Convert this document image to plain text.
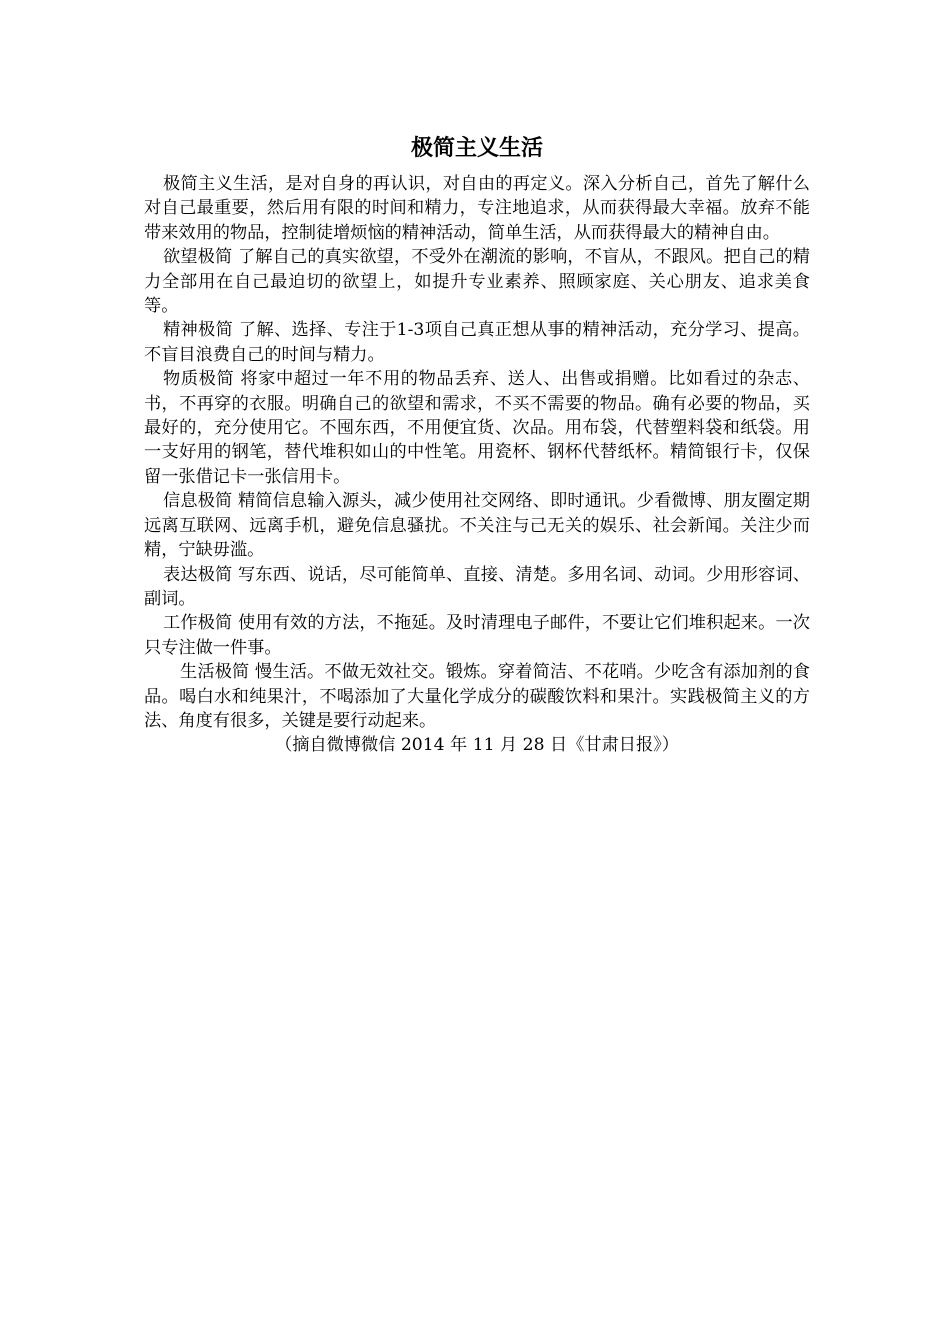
极简主义生活

极简主义生活，是对自身的再认识，对自由的再定义。深入分析自己，首先了解什么对自己最重要，然后用有限的时间和精力，专注地追求，从而获得最大幸福。放弃不能带来效用的物品，控制徒增烦恼的精神活动，简单生活，从而获得最大的精神自由。

欲望极简 了解自己的真实欲望，不受外在潮流的影响，不盲从，不跟风。把自己的精力全部用在自己最迫切的欲望上，如提升专业素养、照顾家庭、关心朋友、追求美食等。

精神极简 了解、选择、专注于1-3项自己真正想从事的精神活动，充分学习、提高。不盲目浪费自己的时间与精力。

物质极简 将家中超过一年不用的物品丢弃、送人、出售或捐赠。比如看过的杂志、书，不再穿的衣服。明确自己的欲望和需求，不买不需要的物品。确有必要的物品，买最好的，充分使用它。不囤东西，不用便宜货、次品。用布袋，代替塑料袋和纸袋。用一支好用的钢笔，替代堆积如山的中性笔。用瓷杯、钢杯代替纸杯。精简银行卡，仅保留一张借记卡一张信用卡。

信息极简 精简信息输入源头，减少使用社交网络、即时通讯。少看微博、朋友圈定期远离互联网、远离手机，避免信息骚扰。不关注与己无关的娱乐、社会新闻。关注少而精，宁缺毋滥。

表达极简 写东西、说话，尽可能简单、直接、清楚。多用名词、动词。少用形容词、副词。

工作极简 使用有效的方法，不拖延。及时清理电子邮件，不要让它们堆积起来。一次只专注做一件事。

生活极简 慢生活。不做无效社交。锻炼。穿着简洁、不花哨。少吃含有添加剂的食品。喝白水和纯果汁，不喝添加了大量化学成分的碳酸饮料和果汁。实践极简主义的方法、角度有很多，关键是要行动起来。

（摘自微博微信 2014 年 11 月 28 日《甘肃日报》）
